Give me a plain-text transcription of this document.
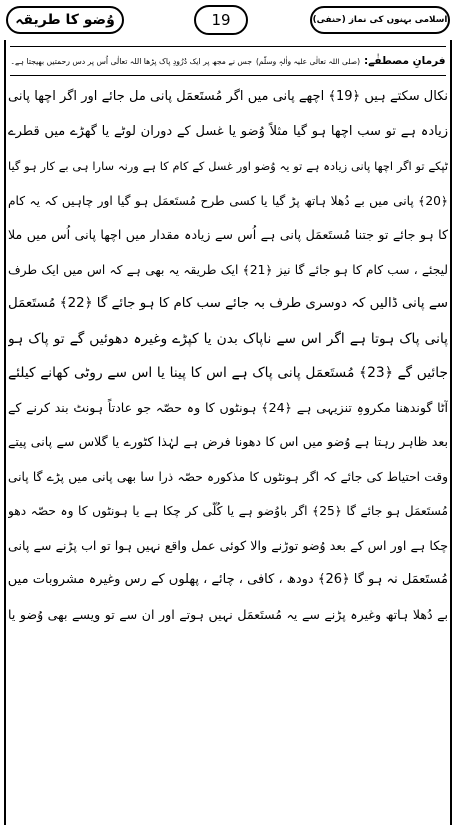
وُضو کا طریقہ	19	اسلامی بہنوں کی نماز (حنفی)
فرمانِ مصطفٰے:
(صلی اللہ تعالٰی علیہ واٰلہٖ وسلّم)
جس نے مجھ پر ایک دُرُودِ پاک پڑھا اللہ تعالٰی اُس پر دس رحمتیں بھیجتا ہے۔
نکال سکتے ہیں ﴿19﴾ اچھے پانی میں اگر مُستَعمَل پانی مل جائے اور اگر اچھا پانی
زیادہ ہے تو سب اچھا ہو گیا مثلاً وُضو یا غسل کے دوران لوٹے یا گھڑے میں قطرے
ٹپکے تو اگر اچھا پانی زیادہ ہے تو یہ وُضو اور غسل کے کام کا ہے ورنہ سارا ہی بے کار ہو گیا
﴿20﴾ پانی میں بے دُھلا ہاتھ پڑ گیا یا کسی طرح مُستَعمَل ہو گیا اور چاہیں کہ یہ کام
کا ہو جائے تو جتنا مُستَعمَل پانی ہے اُس سے زیادہ مقدار میں اچھا پانی اُس میں ملا
لیجئے ، سب کام کا ہو جائے گا نیز ﴿21﴾ ایک طریقہ یہ بھی ہے کہ اس میں ایک طرف
سے پانی ڈالیں کہ دوسری طرف بہ جائے سب کام کا ہو جائے گا ﴿22﴾ مُستَعمَل
پانی پاک ہوتا ہے اگر اس سے ناپاک بدن یا کپڑے وغیرہ دھوئیں گے تو پاک ہو
جائیں گے ﴿23﴾ مُستَعمَل پانی پاک ہے اس کا پینا یا اس سے روٹی کھانے کیلئے
آٹا گوندھنا مکروہِ تنزیہی ہے ﴿24﴾ ہونٹوں کا وہ حصّہ جو عادتاً ہونٹ بند کرنے کے
بعد ظاہر رہتا ہے وُضو میں اس کا دھونا فرض ہے لہٰذا کٹورے یا گلاس سے پانی پیتے
وقت احتیاط کی جائے کہ اگر ہونٹوں کا مذکورہ حصّہ ذرا سا بھی پانی میں پڑے گا پانی
مُستَعمَل ہو جائے گا ﴿25﴾ اگر باوُضو ہے یا کُلّی کر چکا ہے یا ہونٹوں کا وہ حصّہ دھو
چکا ہے اور اس کے بعد وُضو توڑنے والا کوئی عمل واقع نہیں ہوا تو اب پڑنے سے پانی
مُستَعمَل نہ ہو گا ﴿26﴾ دودھ ، کافی ، چائے ، پھلوں کے رس وغیرہ مشروبات میں
بے دُھلا ہاتھ وغیرہ پڑنے سے یہ مُستَعمَل نہیں ہوتے اور ان سے تو ویسے بھی وُضو یا
